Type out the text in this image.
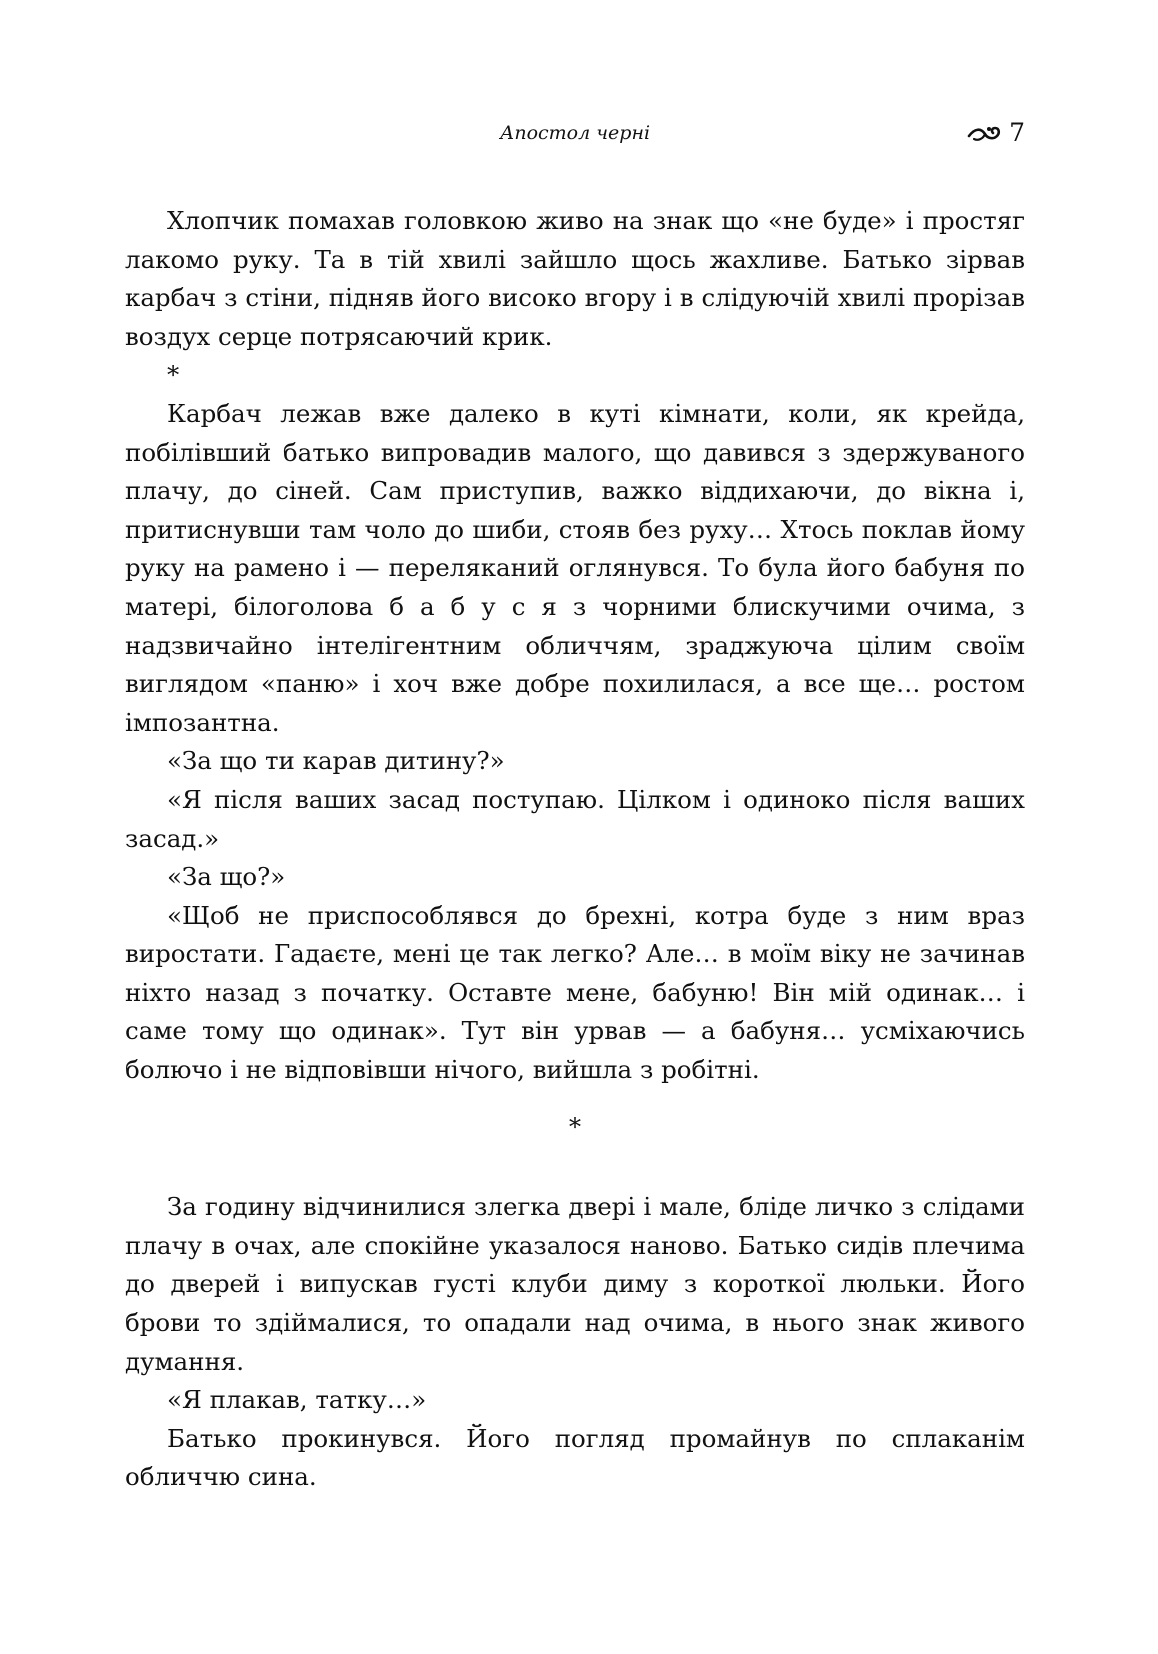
Апостол черні	7

Хлопчик помахав головкою живо на знак що «не буде» і простяг лакомо руку. Та в тій хвилі зайшло щось жахливе. Батько зірвав карбач з стіни, підняв його високо вгору і в слідуючій хвилі прорізав воздух серце потрясаючий крик.

*

Карбач лежав вже далеко в куті кімнати, коли, як крейда, побілівший батько випровадив малого, що давився з здержуваного плачу, до сіней. Сам приступив, важко віддихаючи, до вікна і, притиснувши там чоло до шиби, стояв без руху… Хтось поклав йому руку на рамено і — переляканий оглянувся. То була його бабуня по матері, білоголова б а б у с я з чорними блискучими очима, з надзвичайно інтелігентним обличчям, зраджуюча цілим своїм виглядом «паню» і хоч вже добре похилилася, а все ще… ростом імпозантна.

«За що ти карав дитину?»

«Я після ваших засад поступаю. Цілком і одиноко після ваших засад.»

«За що?»

«Щоб не приспособлявся до брехні, котра буде з ним враз виростати. Гадаєте, мені це так легко? Але… в моїм віку не зачинав ніхто назад з початку. Оставте мене, бабуню! Він мій одинак… і саме тому що одинак». Тут він урвав — а бабуня… усміхаючись болючо і не відповівши нічого, вийшла з робітні.

*

За годину відчинилися злегка двері і мале, бліде личко з слідами плачу в очах, але спокійне указалося наново. Батько сидів плечима до дверей і випускав густі клуби диму з короткої люльки. Його брови то здіймалися, то опадали над очима, в нього знак живого думання.

«Я плакав, татку…»

Батько прокинувся. Його погляд промайнув по сплаканім обличчю сина.
